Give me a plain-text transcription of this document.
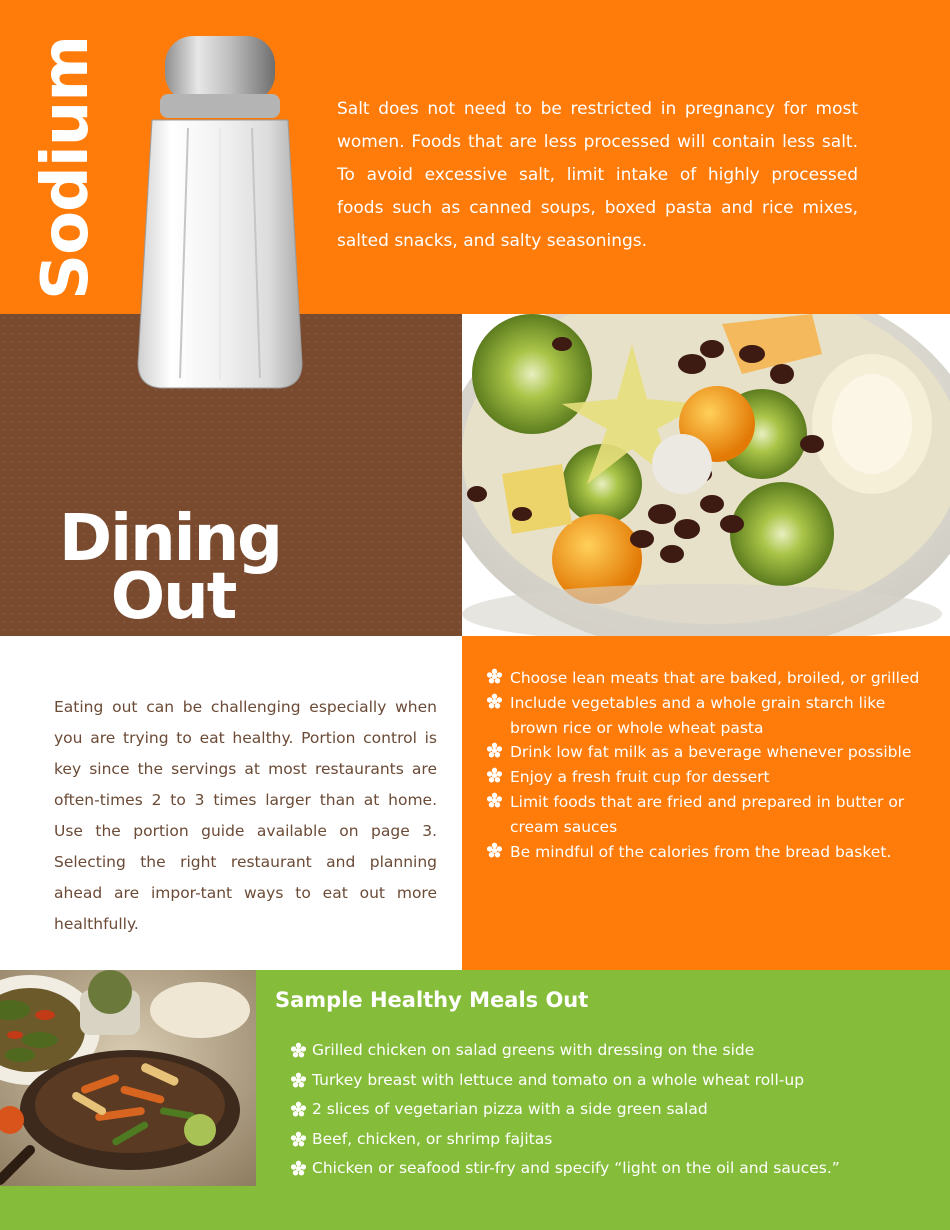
Sodium	Salt does not need to be restricted in pregnancy for most women. Foods that are less processed will contain less salt. To avoid excessive salt, limit intake of highly processed foods such as canned soups, boxed pasta and rice mixes, salted snacks, and salty seasonings.

Dining
Out

Eating out can be challenging especially when you are trying to eat healthy. Portion control is key since the servings at most restaurants are often-times 2 to 3 times larger than at home. Use the portion guide available on page 3. Selecting the right restaurant and planning ahead are impor-tant ways to eat out more healthfully.

Choose lean meats that are baked, broiled, or grilled
Include vegetables and a whole grain starch like brown rice or whole wheat pasta
Drink low fat milk as a beverage whenever possible
Enjoy a fresh fruit cup for dessert
Limit foods that are fried and prepared in butter or cream sauces
Be mindful of the calories from the bread basket.
Sample Healthy Meals Out
Grilled chicken on salad greens with dressing on the side
Turkey breast with lettuce and tomato on a whole wheat roll-up
2 slices of vegetarian pizza with a side green salad
Beef, chicken, or shrimp fajitas
Chicken or seafood stir-fry and specify “light on the oil and sauces.”
